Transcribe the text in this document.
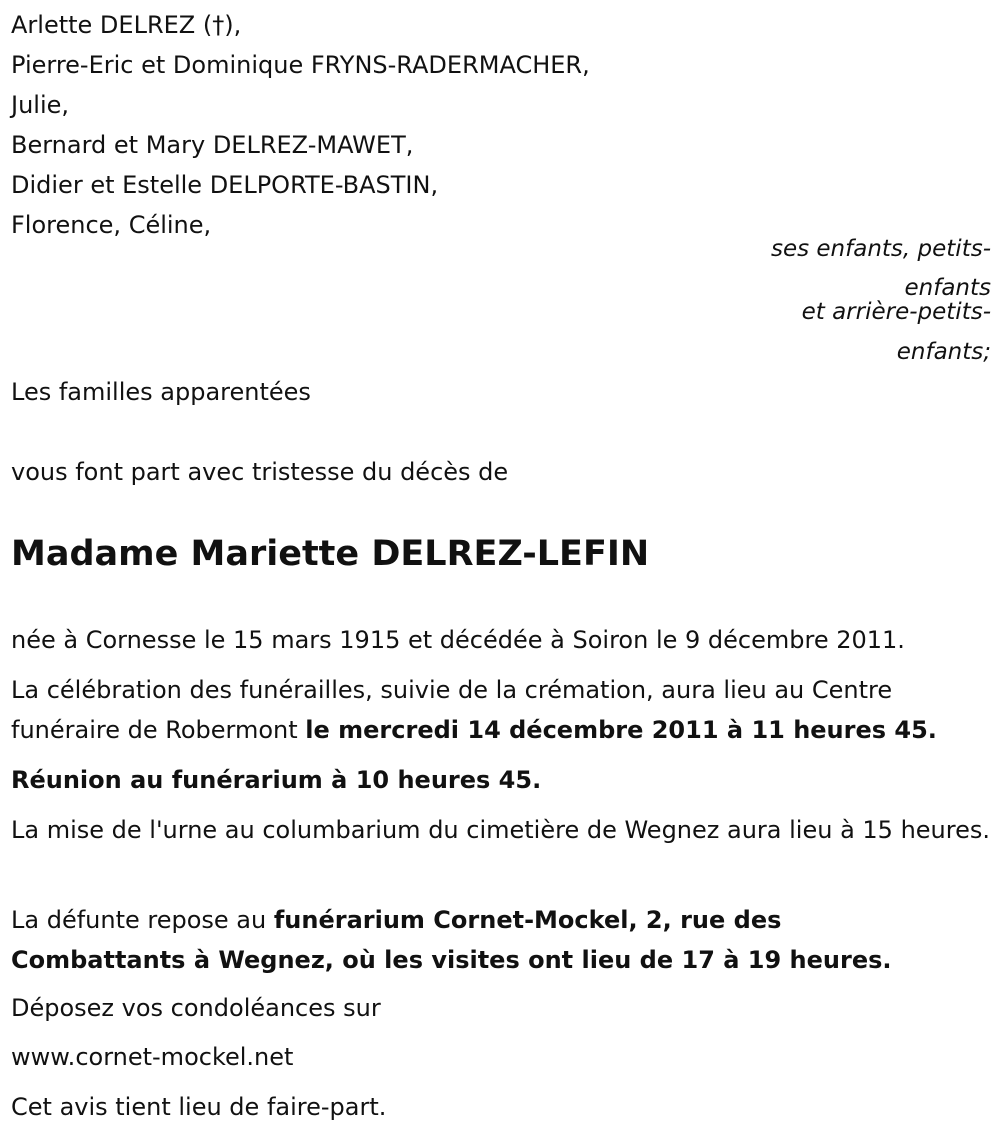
Arlette DELREZ (†),
Pierre-Eric et Dominique FRYNS-RADERMACHER,
Julie,
Bernard et Mary DELREZ-MAWET,
Didier et Estelle DELPORTE-BASTIN,
Florence, Céline,
ses enfants, petits-
enfants
et arrière-petits-
enfants;
Les familles apparentées
vous font part avec tristesse du décès de
Madame Mariette DELREZ-LEFIN
née à Cornesse le 15 mars 1915 et décédée à Soiron le 9 décembre 2011.
La célébration des funérailles, suivie de la crémation, aura lieu au Centre funéraire de Robermont le mercredi 14 décembre 2011 à 11 heures 45.
Réunion au funérarium à 10 heures 45.
La mise de l'urne au columbarium du cimetière de Wegnez aura lieu à 15 heures.
La défunte repose au funérarium Cornet-Mockel, 2, rue des
Combattants à Wegnez, où les visites ont lieu de 17 à 19 heures.
Déposez vos condoléances sur
www.cornet-mockel.net
Cet avis tient lieu de faire-part.
